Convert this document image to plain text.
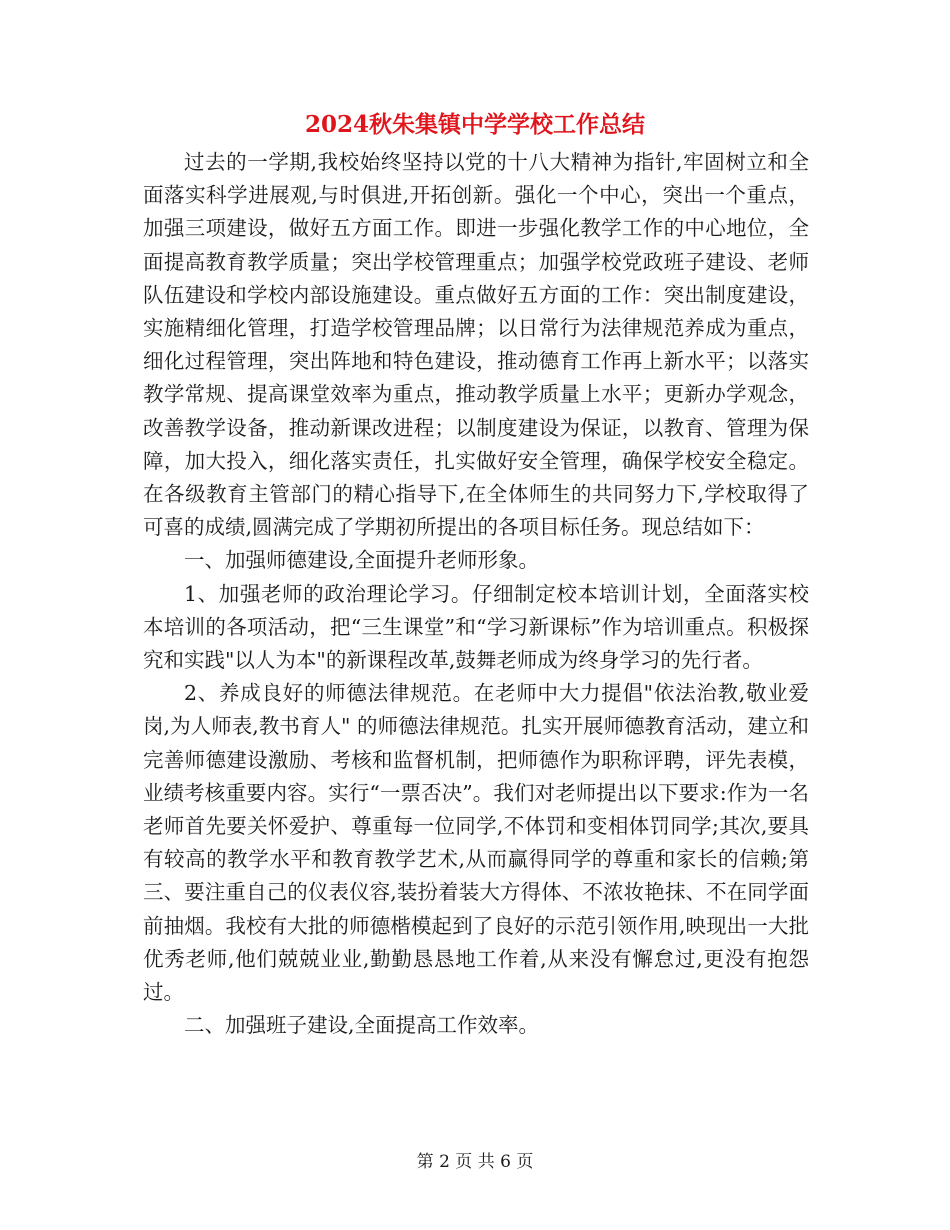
2024秋朱集镇中学学校工作总结

过去的一学期,我校始终坚持以党的十八大精神为指针,牢固树立和全面落实科学进展观,与时俱进,开拓创新。强化一个中心，突出一个重点，加强三项建设，做好五方面工作。即进一步强化教学工作的中心地位，全面提高教育教学质量；突出学校管理重点；加强学校党政班子建设、老师队伍建设和学校内部设施建设。重点做好五方面的工作：突出制度建设，实施精细化管理，打造学校管理品牌；以日常行为法律规范养成为重点，细化过程管理，突出阵地和特色建设，推动德育工作再上新水平；以落实教学常规、提高课堂效率为重点，推动教学质量上水平；更新办学观念，改善教学设备，推动新课改进程；以制度建设为保证，以教育、管理为保障，加大投入，细化落实责任，扎实做好安全管理，确保学校安全稳定。 在各级教育主管部门的精心指导下,在全体师生的共同努力下,学校取得了可喜的成绩,圆满完成了学期初所提出的各项目标任务。现总结如下：

一、加强师德建设,全面提升老师形象。

1、加强老师的政治理论学习。仔细制定校本培训计划，全面落实校本培训的各项活动，把“三生课堂”和“学习新课标”作为培训重点。积极探究和实践"以人为本"的新课程改革,鼓舞老师成为终身学习的先行者。

2、养成良好的师德法律规范。在老师中大力提倡"依法治教,敬业爱岗,为人师表,教书育人" 的师德法律规范。扎实开展师德教育活动，建立和完善师德建设激励、考核和监督机制，把师德作为职称评聘，评先表模，业绩考核重要内容。实行“一票否决”。我们对老师提出以下要求:作为一名老师首先要关怀爱护、尊重每一位同学,不体罚和变相体罚同学;其次,要具有较高的教学水平和教育教学艺术,从而赢得同学的尊重和家长的信赖;第三、要注重自己的仪表仪容,装扮着装大方得体、不浓妆艳抹、不在同学面前抽烟。我校有大批的师德楷模起到了良好的示范引领作用,映现出一大批优秀老师,他们兢兢业业,勤勤恳恳地工作着,从来没有懈怠过,更没有抱怨过。

二、加强班子建设,全面提高工作效率。

第 2 页 共 6 页
